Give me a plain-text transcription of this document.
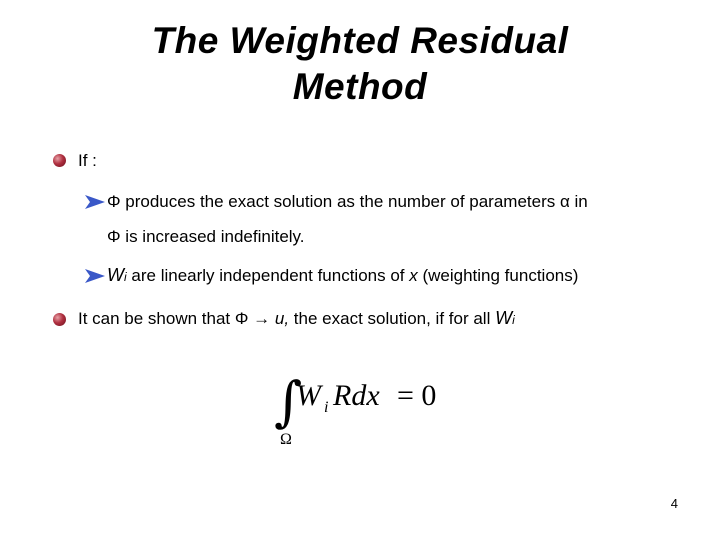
The Weighted Residual
Method
If :
Φ produces the exact solution as the number of parameters α in
Φ is increased indefinitely.
Wi are linearly independent functions of x (weighting functions)
It can be shown that Φ → u, the exact solution, if for all Wi
∫
Ω
W i Rdx = 0
4
